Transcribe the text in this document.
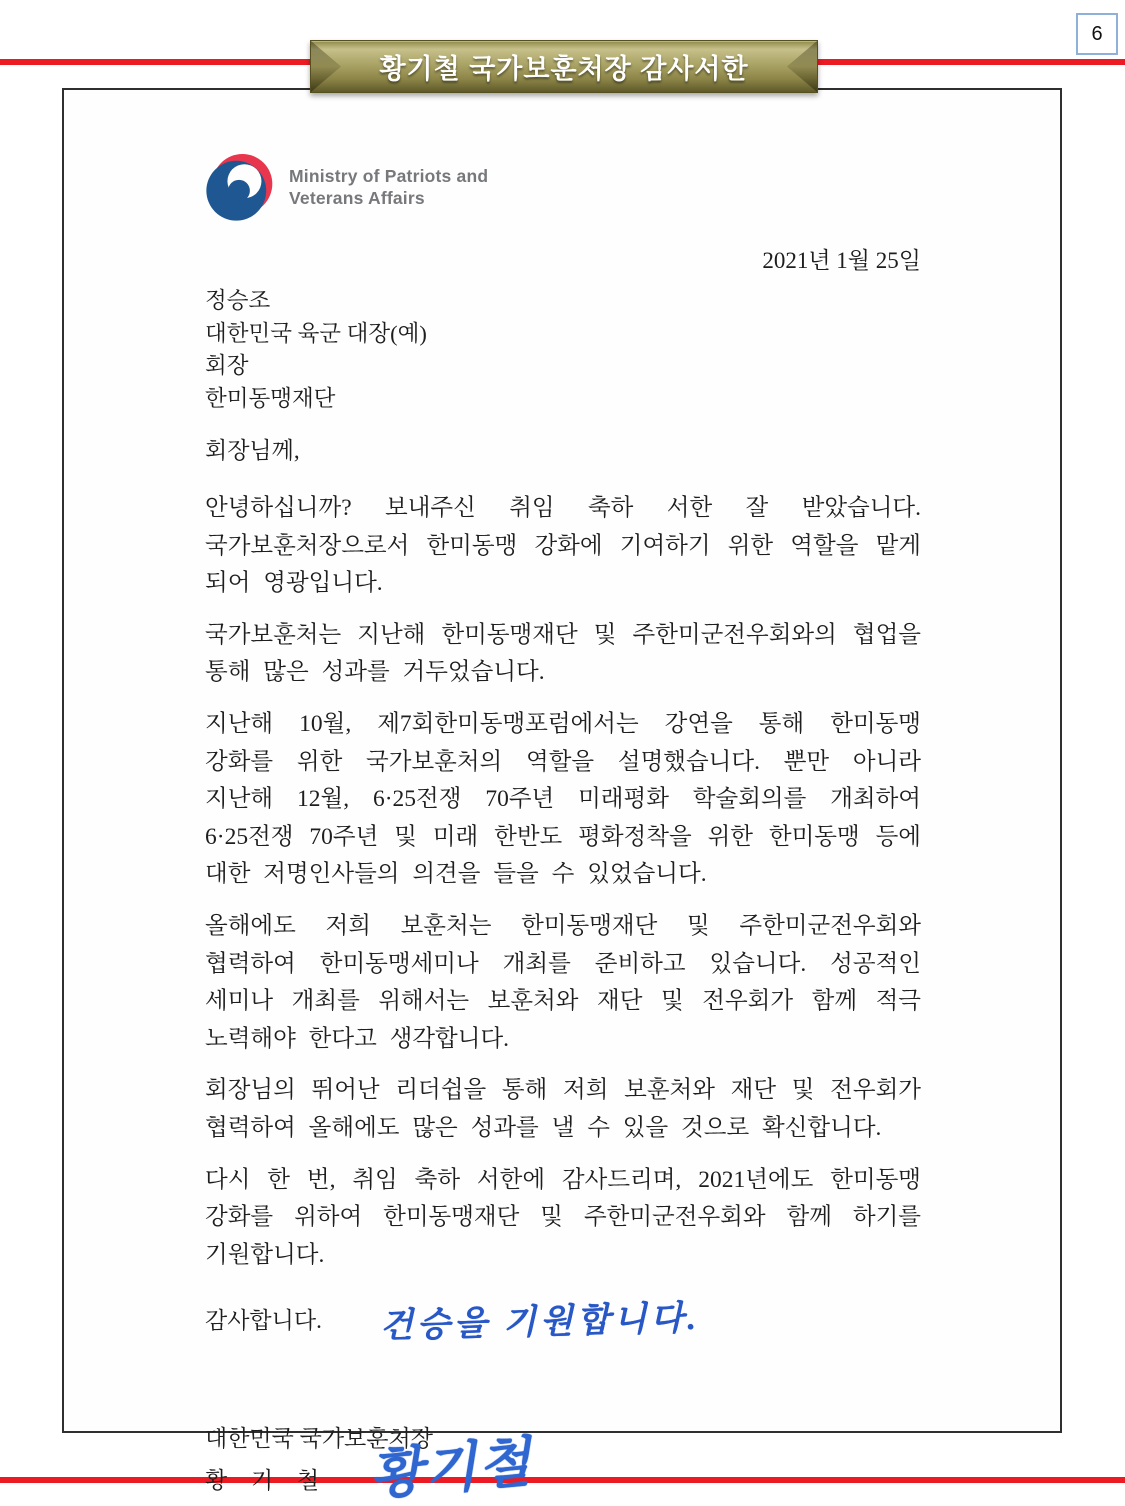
황기철 국가보훈처장 감사서한
6
Ministry of Patriots and
Veterans Affairs
2021년 1월 25일
정승조
대한민국 육군 대장(예)
회장
한미동맹재단
회장님께,

안녕하십니까? 보내주신 취임 축하 서한 잘 받았습니다. 국가보훈처장으로서 한미동맹 강화에 기여하기 위한 역할을 맡게 되어 영광입니다.

국가보훈처는 지난해 한미동맹재단 및 주한미군전우회와의 협업을 통해 많은 성과를 거두었습니다.

지난해 10월, 제7회한미동맹포럼에서는 강연을 통해 한미동맹 강화를 위한 국가보훈처의 역할을 설명했습니다. 뿐만 아니라 지난해 12월, 6·25전쟁 70주년 미래평화 학술회의를 개최하여 6·25전쟁 70주년 및 미래 한반도 평화정착을 위한 한미동맹 등에 대한 저명인사들의 의견을 들을 수 있었습니다.

올해에도 저희 보훈처는 한미동맹재단 및 주한미군전우회와 협력하여 한미동맹세미나 개최를 준비하고 있습니다. 성공적인 세미나 개최를 위해서는 보훈처와 재단 및 전우회가 함께 적극 노력해야 한다고 생각합니다.

회장님의 뛰어난 리더쉽을 통해 저희 보훈처와 재단 및 전우회가 협력하여 올해에도 많은 성과를 낼 수 있을 것으로 확신합니다.

다시 한 번, 취임 축하 서한에 감사드리며, 2021년에도 한미동맹 강화를 위하여 한미동맹재단 및 주한미군전우회와 함께 하기를 기원합니다.

감사합니다. 건승을 기원합니다.
대한민국 국가보훈처장
황 기 철 황기철
